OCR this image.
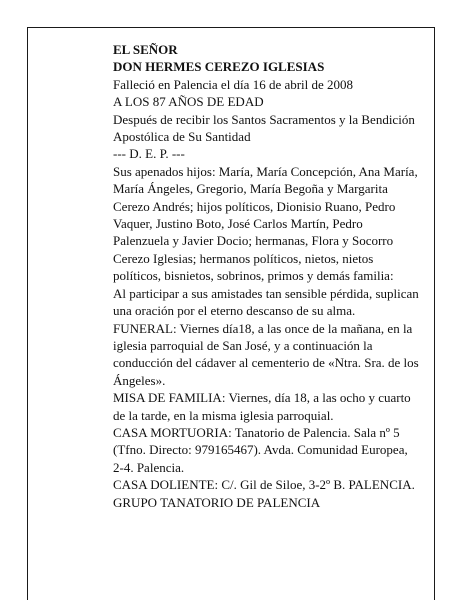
EL SEÑOR

DON HERMES CEREZO IGLESIAS

Falleció en Palencia el día 16 de abril de 2008

A LOS 87 AÑOS DE EDAD

Después de recibir los Santos Sacramentos y la Bendición Apostólica de Su Santidad

--- D. E. P. ---

Sus apenados hijos: María, María Concepción, Ana María, María Ángeles, Gregorio, María Begoña y Margarita Cerezo Andrés; hijos políticos, Dionisio Ruano, Pedro Vaquer, Justino Boto, José Carlos Martín, Pedro Palenzuela y Javier Docio; hermanas, Flora y Socorro Cerezo Iglesias; hermanos políticos, nietos, nietos políticos, bisnietos, sobrinos, primos y demás familia:

Al participar a sus amistades tan sensible pérdida, suplican una oración por el eterno descanso de su alma.

FUNERAL: Viernes día18, a las once de la mañana, en la iglesia parroquial de San José, y a continuación la conducción del cádaver al cementerio de «Ntra. Sra. de los Ángeles».

MISA DE FAMILIA: Viernes, día 18, a las ocho y cuarto de la tarde, en la misma iglesia parroquial.

CASA MORTUORIA: Tanatorio de Palencia. Sala nº 5 (Tfno. Directo: 979165467). Avda. Comunidad Europea, 2-4. Palencia.

CASA DOLIENTE: C/. Gil de Siloe, 3-2º B. PALENCIA.

GRUPO TANATORIO DE PALENCIA
